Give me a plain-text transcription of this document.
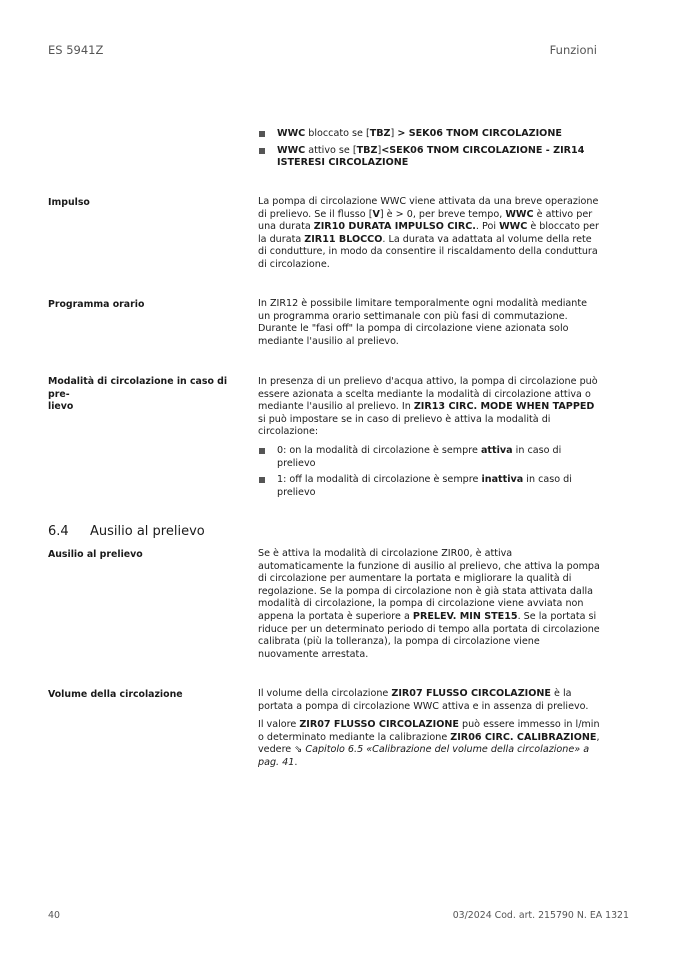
ES 5941Z	Funzioni
WWC bloccato se [TBZ] > SEK06 TNOM CIRCOLAZIONE
WWC attivo se [TBZ]<SEK06 TNOM CIRCOLAZIONE - ZIR14 ISTERESI CIRCOLAZIONE
Impulso	La pompa di circolazione WWC viene attivata da una breve operazione di prelievo. Se il flusso [V] è > 0, per breve tempo, WWC è attivo per una durata ZIR10 DURATA IMPULSO CIRC.. Poi WWC è bloccato per la durata ZIR11 BLOCCO. La durata va adattata al volume della rete di condutture, in modo da consentire il riscaldamento della conduttura di circolazione.

Programma orario	In ZIR12 è possibile limitare temporalmente ogni modalità mediante un programma orario settimanale con più fasi di commutazione. Durante le "fasi off" la pompa di circolazione viene azionata solo mediante l'ausilio al prelievo.

Modalità di circolazione in caso di pre-
lievo

In presenza di un prelievo d'acqua attivo, la pompa di circolazione può essere azionata a scelta mediante la modalità di circolazione attiva o mediante l'ausilio al prelievo. In ZIR13 CIRC. MODE WHEN TAPPED si può impostare se in caso di prelievo è attiva la modalità di circolazione:

0: on la modalità di circolazione è sempre attiva in caso di prelievo
1: off la modalità di circolazione è sempre inattiva in caso di prelievo
6.4 Ausilio al prelievo
Ausilio al prelievo	Se è attiva la modalità di circolazione ZIR00, è attiva automaticamente la funzione di ausilio al prelievo, che attiva la pompa di circolazione per aumentare la portata e migliorare la qualità di regolazione. Se la pompa di circolazione non è già stata attivata dalla modalità di circolazione, la pompa di circolazione viene avviata non appena la portata è superiore a PRELEV. MIN STE15. Se la portata si riduce per un determinato periodo di tempo alla portata di circolazione calibrata (più la tolleranza), la pompa di circolazione viene nuovamente arrestata.

Volume della circolazione	Il volume della circolazione ZIR07 FLUSSO CIRCOLAZIONE è la portata a pompa di circolazione WWC attiva e in assenza di prelievo.

Il valore ZIR07 FLUSSO CIRCOLAZIONE può essere immesso in l/min o determinato mediante la calibrazione ZIR06 CIRC. CALIBRAZIONE, vedere ⇘ Capitolo 6.5 «Calibrazione del volume della circolazione» a pag. 41.

40	03/2024 Cod. art. 215790 N. EA 1321
